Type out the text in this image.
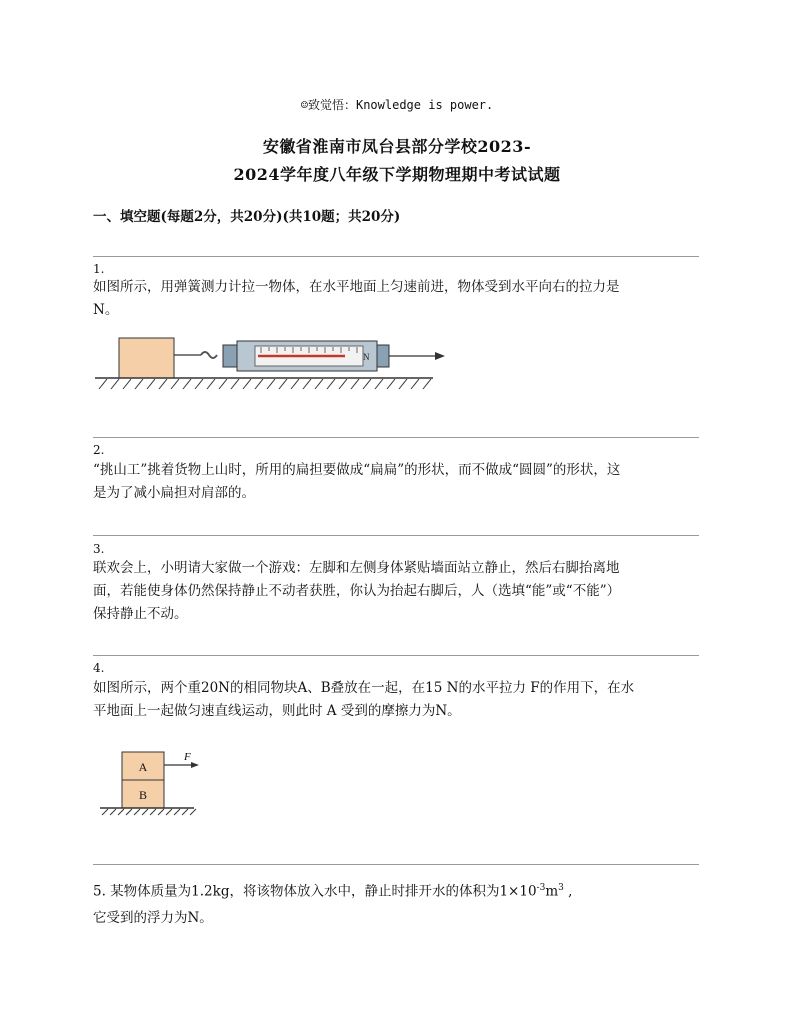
☺致觉悟：Knowledge is power.
安徽省淮南市凤台县部分学校2023-
2024学年度八年级下学期物理期中考试试题
一、填空题(每题2分，共20分)(共10题；共20分)
1.
如图所示，用弹簧测力计拉一物体，在水平地面上匀速前进，物体受到水平向右的拉力是
N。
N
2.
“挑山工”挑着货物上山时，所用的扁担要做成“扁扁”的形状，而不做成“圆圆”的形状，这
是为了减小扁担对肩部的。
3.
联欢会上，小明请大家做一个游戏：左脚和左侧身体紧贴墙面站立静止，然后右脚抬离地
面，若能使身体仍然保持静止不动者获胜，你认为抬起右脚后，人（选填“能”或“不能”）
保持静止不动。
4.
如图所示，两个重20N的相同物块A、B叠放在一起，在15 N的水平拉力 F的作用下，在水
平地面上一起做匀速直线运动，则此时 A 受到的摩擦力为N。
A
B
F
5. 某物体质量为1.2kg，将该物体放入水中，静止时排开水的体积为$1\times 10^{-3}m^3$ ,
它受到的浮力为N。
